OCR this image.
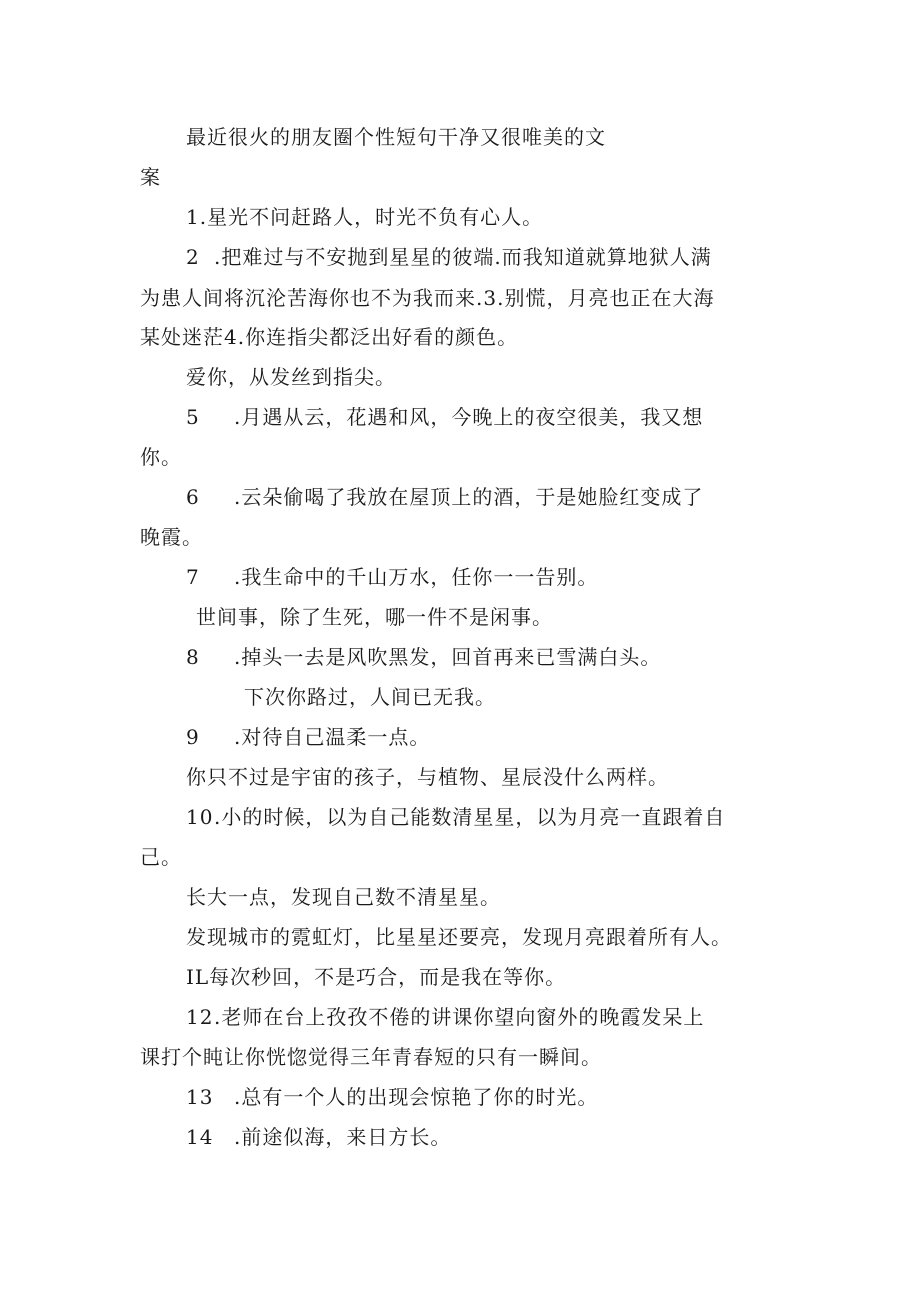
最近很火的朋友圈个性短句干净又很唯美的文
案
1.星光不问赶路人，时光不负有心人。
2 .把难过与不安抛到星星的彼端.而我知道就算地狱人满
为患人间将沉沦苦海你也不为我而来.3.别慌，月亮也正在大海
某处迷茫4.你连指尖都泛出好看的颜色。
爱你，从发丝到指尖。
5 .月遇从云，花遇和风，今晚上的夜空很美，我又想
你。
6 .云朵偷喝了我放在屋顶上的酒，于是她脸红变成了
晚霞。
7 .我生命中的千山万水，任你一一告别。
世间事，除了生死，哪一件不是闲事。
8 .掉头一去是风吹黑发，回首再来已雪满白头。
下次你路过，人间已无我。
9 .对待自己温柔一点。
你只不过是宇宙的孩子，与植物、星辰没什么两样。
10.小的时候，以为自己能数清星星，以为月亮一直跟着自
己。
长大一点，发现自己数不清星星。
发现城市的霓虹灯，比星星还要亮，发现月亮跟着所有人。
IL每次秒回，不是巧合，而是我在等你。
12.老师在台上孜孜不倦的讲课你望向窗外的晚霞发呆上
课打个盹让你恍惚觉得三年青春短的只有一瞬间。
13 .总有一个人的出现会惊艳了你的时光。
14 .前途似海，来日方长。
